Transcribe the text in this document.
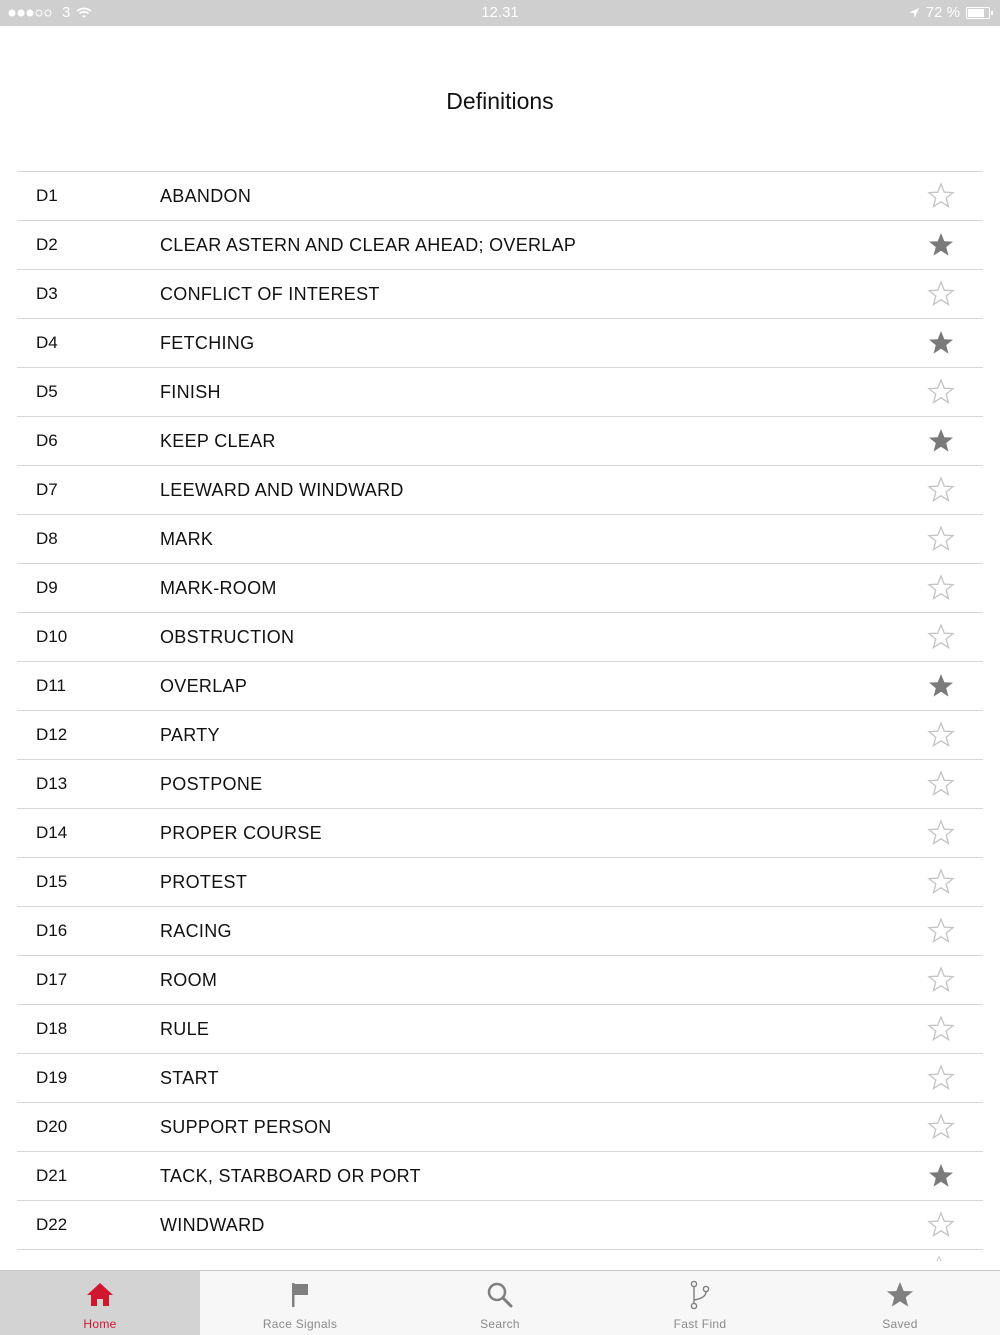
3	12.31	72 %
Definitions
D1	ABANDON
D2	CLEAR ASTERN AND CLEAR AHEAD; OVERLAP
D3	CONFLICT OF INTEREST
D4	FETCHING
D5	FINISH
D6	KEEP CLEAR
D7	LEEWARD AND WINDWARD
D8	MARK
D9	MARK-ROOM
D10	OBSTRUCTION
D11	OVERLAP
D12	PARTY
D13	POSTPONE
D14	PROPER COURSE
D15	PROTEST
D16	RACING
D17	ROOM
D18	RULE
D19	START
D20	SUPPORT PERSON
D21	TACK, STARBOARD OR PORT
D22	WINDWARD
˄
Home	Race Signals	Search	Fast Find	Saved
